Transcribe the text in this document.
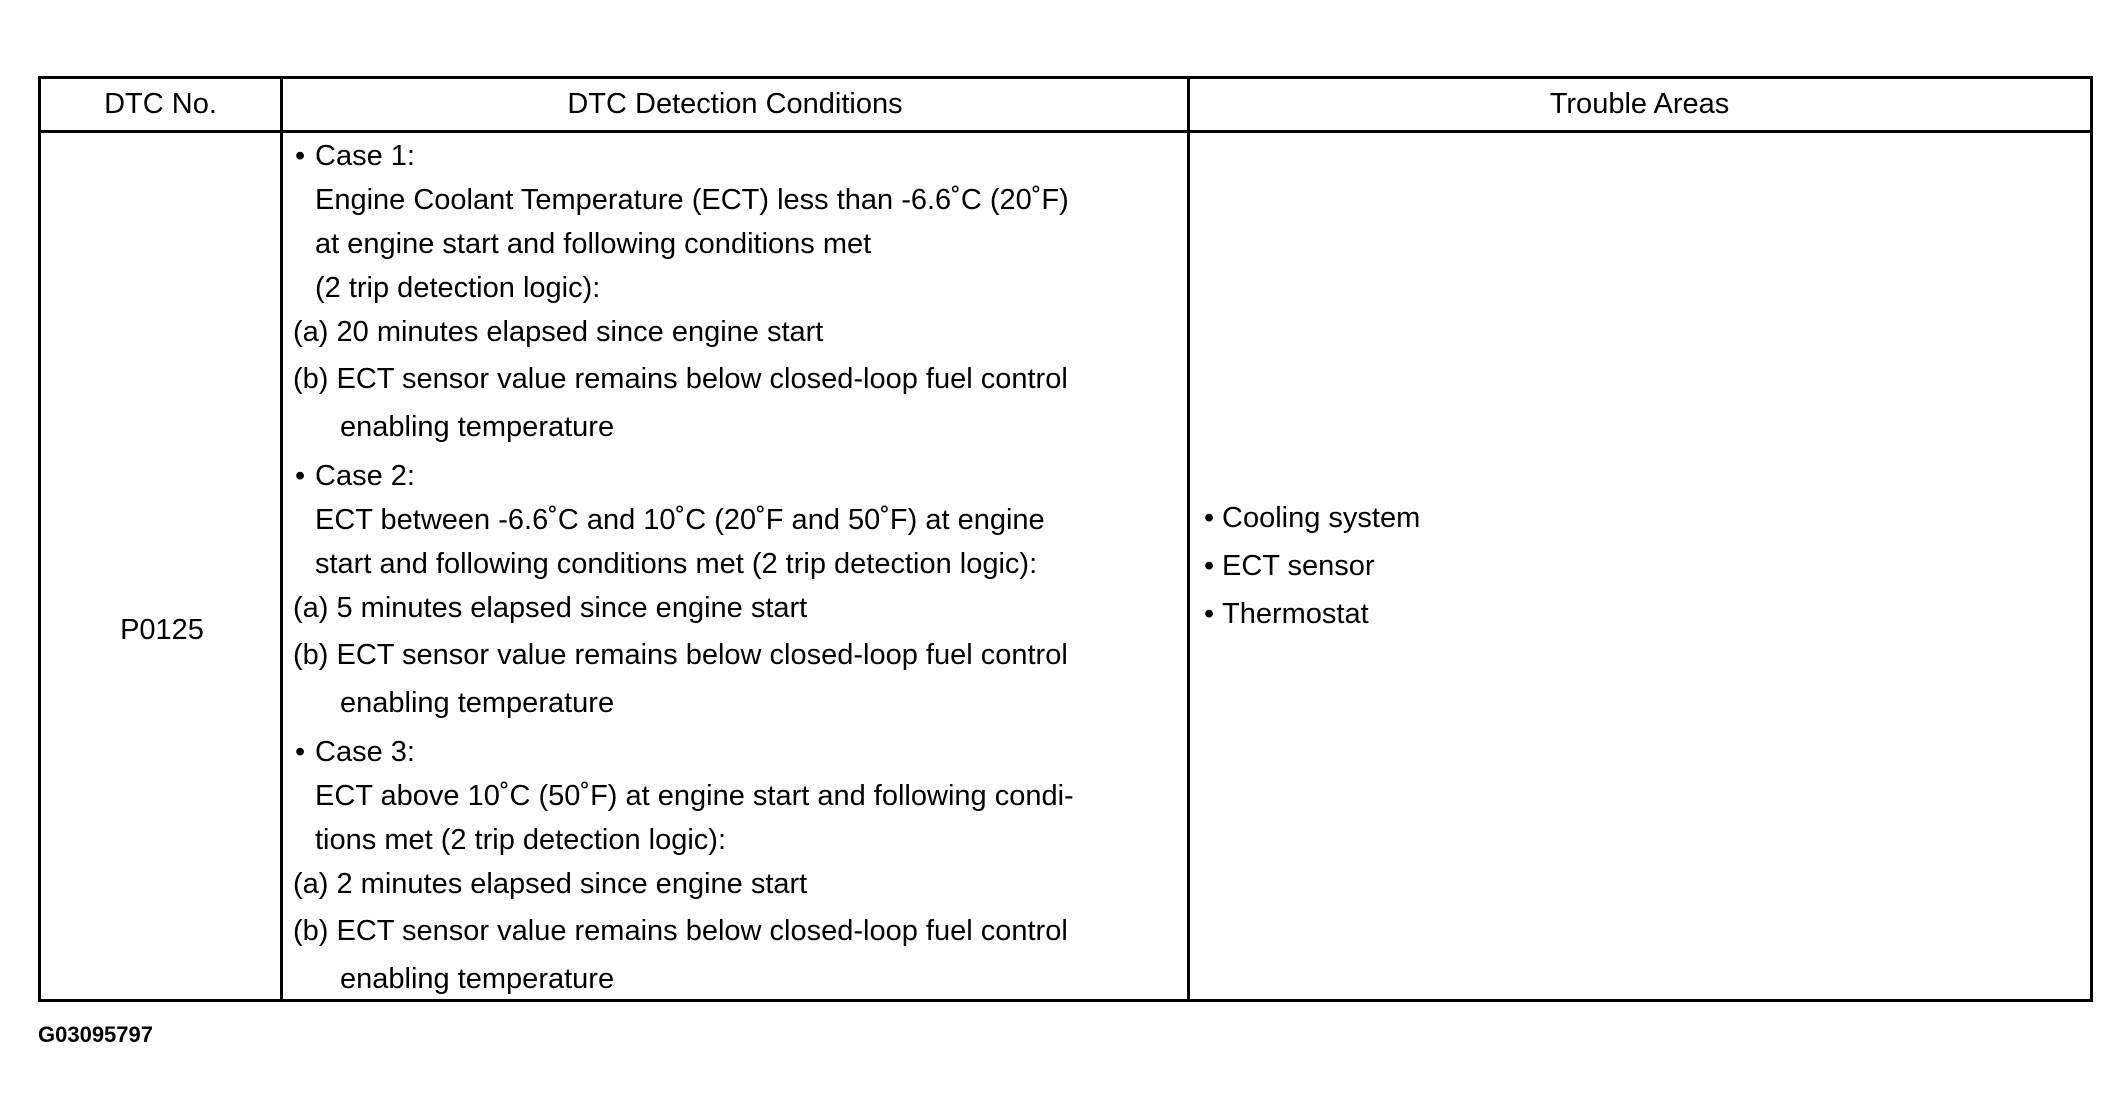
DTC No.	DTC Detection Conditions	Trouble Areas
P0125
• Case 1:
Engine Coolant Temperature (ECT) less than -6.6˚C (20˚F)
at engine start and following conditions met
(2 trip detection logic):
(a) 20 minutes elapsed since engine start
(b) ECT sensor value remains below closed-loop fuel control
enabling temperature
• Case 2:
ECT between -6.6˚C and 10˚C (20˚F and 50˚F) at engine
start and following conditions met (2 trip detection logic):
(a) 5 minutes elapsed since engine start
(b) ECT sensor value remains below closed-loop fuel control
enabling temperature
• Case 3:
ECT above 10˚C (50˚F) at engine start and following condi-
tions met (2 trip detection logic):
(a) 2 minutes elapsed since engine start
(b) ECT sensor value remains below closed-loop fuel control
enabling temperature
• Cooling system
• ECT sensor
• Thermostat
G03095797
